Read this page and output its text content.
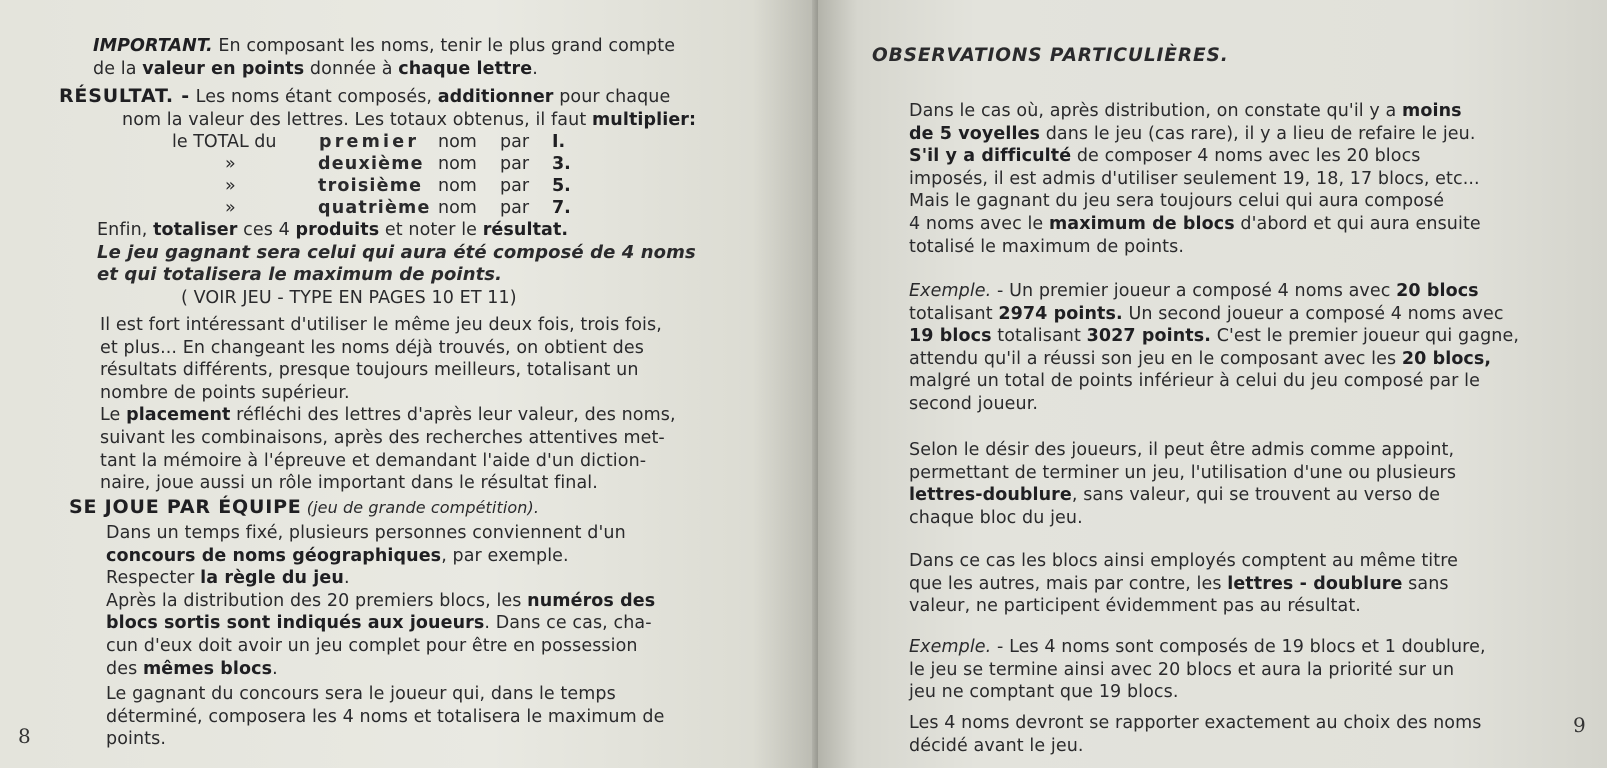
IMPORTANT. En composant les noms, tenir le plus grand compte

de la valeur en points donnée à chaque lettre.

RÉSULTAT. - Les noms étant composés, additionner pour chaque

nom la valeur des lettres. Les totaux obtenus, il faut multiplier:

le TOTAL du premier nom par I.
»	deuxième nom par 3.
»	troisième nom par 5.
»	quatrième nom par 7.

Enfin, totaliser ces 4 produits et noter le résultat.

Le jeu gagnant sera celui qui aura été composé de 4 noms

et qui totalisera le maximum de points.

( VOIR JEU - TYPE EN PAGES 10 ET 11)

Il est fort intéressant d'utiliser le même jeu deux fois, trois fois,

et plus... En changeant les noms déjà trouvés, on obtient des

résultats différents, presque toujours meilleurs, totalisant un

nombre de points supérieur.

Le placement réfléchi des lettres d'après leur valeur, des noms,

suivant les combinaisons, après des recherches attentives met-

tant la mémoire à l'épreuve et demandant l'aide d'un diction-

naire, joue aussi un rôle important dans le résultat final.

SE JOUE PAR ÉQUIPE (jeu de grande compétition).

Dans un temps fixé, plusieurs personnes conviennent d'un

concours de noms géographiques, par exemple.

Respecter la règle du jeu.

Après la distribution des 20 premiers blocs, les numéros des

blocs sortis sont indiqués aux joueurs. Dans ce cas, cha-

cun d'eux doit avoir un jeu complet pour être en possession

des mêmes blocs.

Le gagnant du concours sera le joueur qui, dans le temps

déterminé, composera les 4 noms et totalisera le maximum de

points.

8

OBSERVATIONS PARTICULIÈRES.

Dans le cas où, après distribution, on constate qu'il y a moins

de 5 voyelles dans le jeu (cas rare), il y a lieu de refaire le jeu.

S'il y a difficulté de composer 4 noms avec les 20 blocs

imposés, il est admis d'utiliser seulement 19, 18, 17 blocs, etc...

Mais le gagnant du jeu sera toujours celui qui aura composé

4 noms avec le maximum de blocs d'abord et qui aura ensuite

totalisé le maximum de points.

Exemple. - Un premier joueur a composé 4 noms avec 20 blocs

totalisant 2974 points. Un second joueur a composé 4 noms avec

19 blocs totalisant 3027 points. C'est le premier joueur qui gagne,

attendu qu'il a réussi son jeu en le composant avec les 20 blocs,

malgré un total de points inférieur à celui du jeu composé par le

second joueur.

Selon le désir des joueurs, il peut être admis comme appoint,

permettant de terminer un jeu, l'utilisation d'une ou plusieurs

lettres-doublure, sans valeur, qui se trouvent au verso de

chaque bloc du jeu.

Dans ce cas les blocs ainsi employés comptent au même titre

que les autres, mais par contre, les lettres - doublure sans

valeur, ne participent évidemment pas au résultat.

Exemple. - Les 4 noms sont composés de 19 blocs et 1 doublure,

le jeu se termine ainsi avec 20 blocs et aura la priorité sur un

jeu ne comptant que 19 blocs.

Les 4 noms devront se rapporter exactement au choix des noms

décidé avant le jeu.

9
